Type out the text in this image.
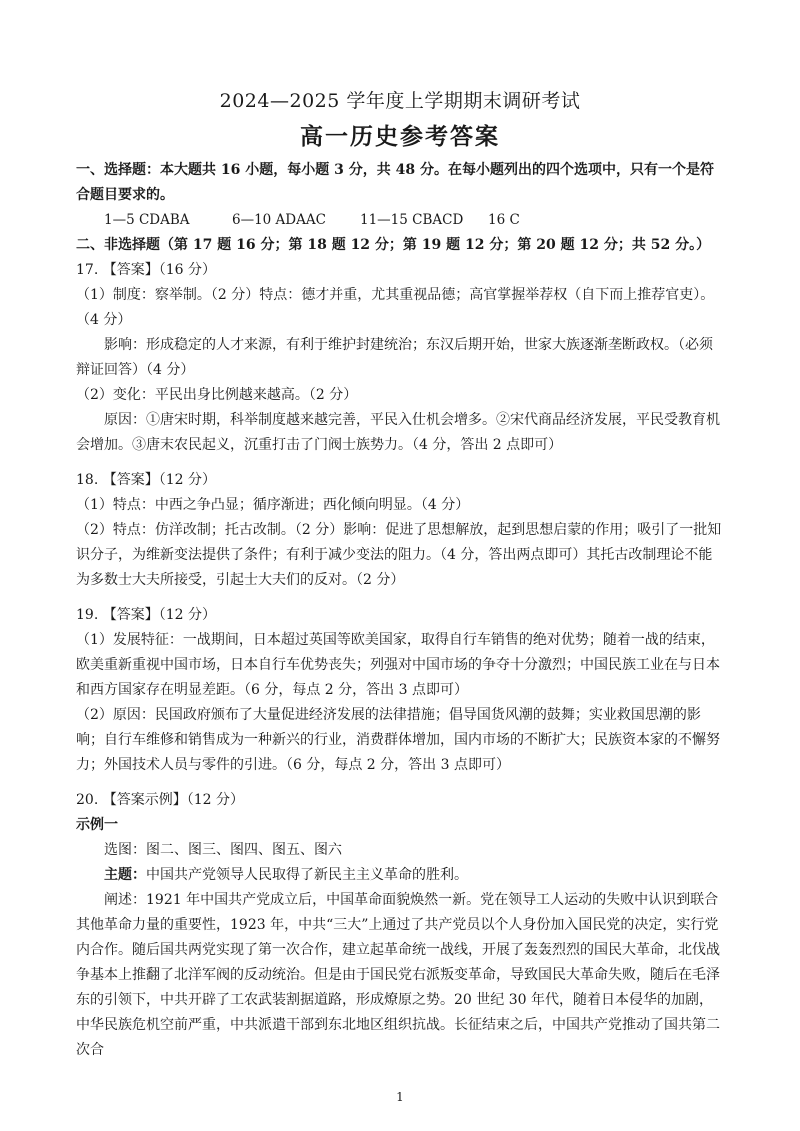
2024—2025 学年度上学期期末调研考试
高一历史参考答案

一、选择题：本大题共 16 小题，每小题 3 分，共 48 分。在每小题列出的四个选项中，只有一个是符合题目要求的。

1—5 CDABA	6—10 ADAAC	11—15 CBACD	16 C

二、非选择题（第 17 题 16 分；第 18 题 12 分；第 19 题 12 分；第 20 题 12 分；共 52 分。）

17. 【答案】（16 分）

（1）制度：察举制。（2 分）特点：德才并重，尤其重视品德；高官掌握举荐权（自下而上推荐官吏）。（4 分）

影响：形成稳定的人才来源，有利于维护封建统治；东汉后期开始，世家大族逐渐垄断政权。（必须辩证回答）（4 分）

（2）变化：平民出身比例越来越高。（2 分）

原因：①唐宋时期，科举制度越来越完善，平民入仕机会增多。②宋代商品经济发展，平民受教育机会增加。③唐末农民起义，沉重打击了门阀士族势力。（4 分，答出 2 点即可）

18. 【答案】（12 分）

（1）特点：中西之争凸显；循序渐进；西化倾向明显。（4 分）

（2）特点：仿洋改制；托古改制。（2 分）影响：促进了思想解放，起到思想启蒙的作用；吸引了一批知识分子，为维新变法提供了条件；有利于减少变法的阻力。（4 分，答出两点即可）其托古改制理论不能为多数士大夫所接受，引起士大夫们的反对。（2 分）

19. 【答案】（12 分）

（1）发展特征：一战期间，日本超过英国等欧美国家，取得自行车销售的绝对优势；随着一战的结束，欧美重新重视中国市场，日本自行车优势丧失；列强对中国市场的争夺十分激烈；中国民族工业在与日本和西方国家存在明显差距。（6 分，每点 2 分，答出 3 点即可）

（2）原因：民国政府颁布了大量促进经济发展的法律措施；倡导国货风潮的鼓舞；实业救国思潮的影响；自行车维修和销售成为一种新兴的行业，消费群体增加，国内市场的不断扩大；民族资本家的不懈努力；外国技术人员与零件的引进。（6 分，每点 2 分，答出 3 点即可）

20. 【答案示例】（12 分）

示例一

选图：图二、图三、图四、图五、图六

主题：中国共产党领导人民取得了新民主主义革命的胜利。

阐述：1921 年中国共产党成立后，中国革命面貌焕然一新。党在领导工人运动的失败中认识到联合其他革命力量的重要性，1923 年，中共“三大”上通过了共产党员以个人身份加入国民党的决定，实行党内合作。随后国共两党实现了第一次合作，建立起革命统一战线，开展了轰轰烈烈的国民大革命，北伐战争基本上推翻了北洋军阀的反动统治。但是由于国民党右派叛变革命，导致国民大革命失败，随后在毛泽东的引领下，中共开辟了工农武装割据道路，形成燎原之势。20 世纪 30 年代，随着日本侵华的加剧，中华民族危机空前严重，中共派遣干部到东北地区组织抗战。长征结束之后，中国共产党推动了国共第二次合

1
